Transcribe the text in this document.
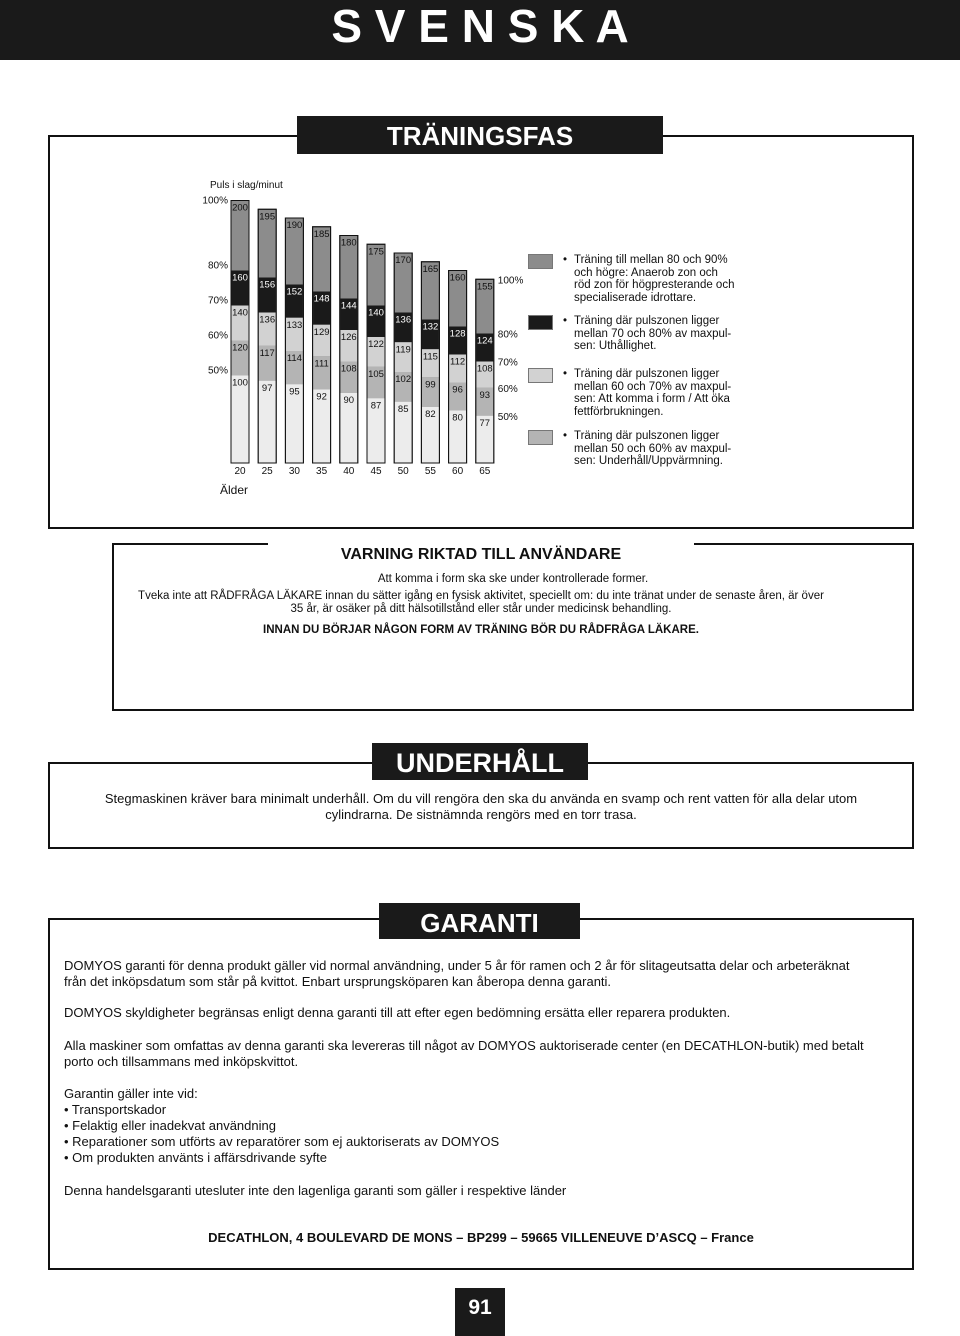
S V E N S K A
TRÄNINGSFAS
Puls i slag/minut
Älder
200
195
190
185
180
175
170
165
160
155
160
156
152
148
144
140
136
132
128
124
140
136 133
129 126
122 119
115 112
108
120 117 114 111 108 105 102 99 96 93
100 97 95 92 90 87 85 82 80 77
20 25 30 35 40 45 50 55 60 65
100%
80%
70%
60%
50%
100%
80%
70%
60%
50%
• Träning till mellan 80 och 90%
och högre: Anaerob zon och
röd zon för högpresterande och
specialiserade idrottare.
• Träning där pulszonen ligger
mellan 70 och 80% av maxpul-
sen: Uthållighet.
• Träning där pulszonen ligger
mellan 60 och 70% av maxpul-
sen: Att komma i form / Att öka
fettförbrukningen.
• Träning där pulszonen ligger
mellan 50 och 60% av maxpul-
sen: Underhåll/Uppvärmning.
VARNING RIKTAD TILL ANVÄNDARE
Att komma i form ska ske under kontrollerade former.
Tveka inte att RÅDFRÅGA LÄKARE innan du sätter igång en fysisk aktivitet, speciellt om: du inte tränat under de senaste åren, är över
35 år, är osäker på ditt hälsotillstånd eller står under medicinsk behandling.
INNAN DU BÖRJAR NÅGON FORM AV TRÄNING BÖR DU RÅDFRÅGA LÄKARE.
UNDERHÅLL
Stegmaskinen kräver bara minimalt underhåll. Om du vill rengöra den ska du använda en svamp och rent vatten för alla delar utom
cylindrarna. De sistnämnda rengörs med en torr trasa.
GARANTI
DOMYOS garanti för denna produkt gäller vid normal användning, under 5 år för ramen och 2 år för slitageutsatta delar och arbeteräknat
från det inköpsdatum som står på kvittot. Enbart ursprungsköparen kan åberopa denna garanti.
DOMYOS skyldigheter begränsas enligt denna garanti till att efter egen bedömning ersätta eller reparera produkten.
Alla maskiner som omfattas av denna garanti ska levereras till något av DOMYOS auktoriserade center (en DECATHLON-butik) med betalt
porto och tillsammans med inköpskvittot.
Garantin gäller inte vid:
• Transportskador
• Felaktig eller inadekvat användning
• Reparationer som utförts av reparatörer som ej auktoriserats av DOMYOS
• Om produkten använts i affärsdrivande syfte
Denna handelsgaranti utesluter inte den lagenliga garanti som gäller i respektive länder
DECATHLON, 4 BOULEVARD DE MONS – BP299 – 59665 VILLENEUVE D’ASCQ – France
91
